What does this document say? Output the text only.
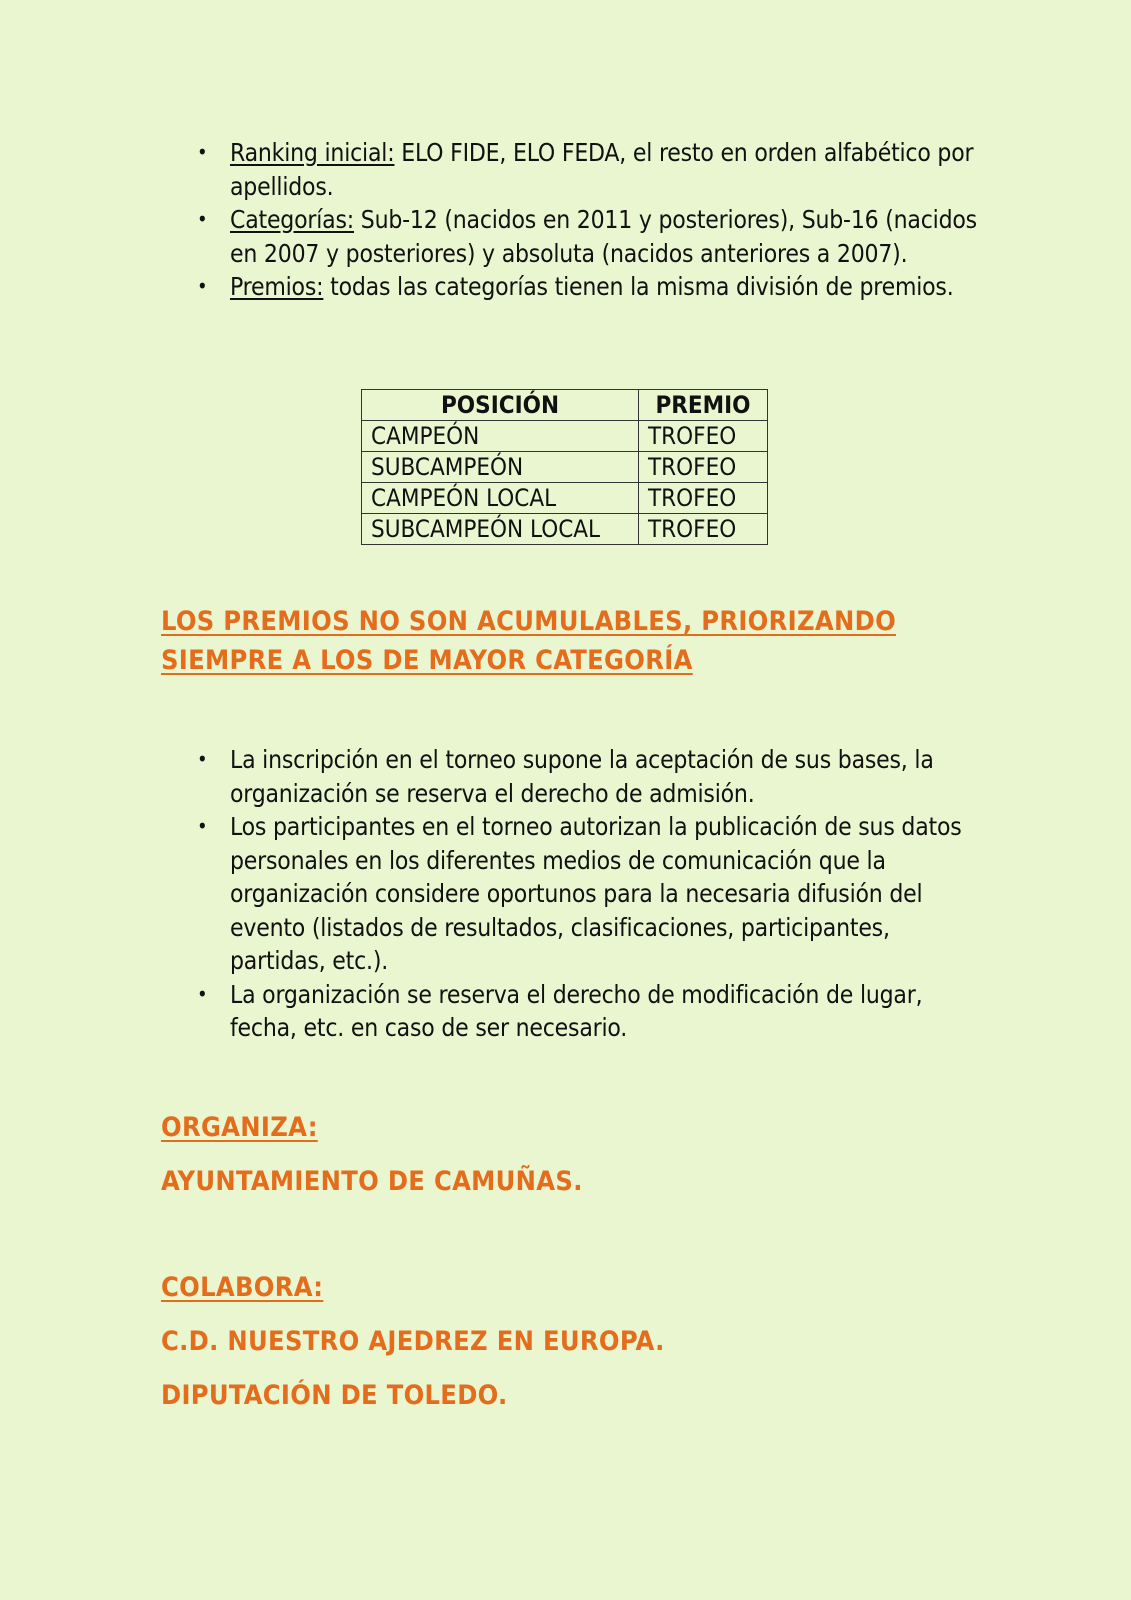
• Ranking inicial: ELO FIDE, ELO FEDA, el resto en orden alfabético por apellidos.
• Categorías: Sub-12 (nacidos en 2011 y posteriores), Sub-16 (nacidos en 2007 y posteriores) y absoluta (nacidos anteriores a 2007).
• Premios: todas las categorías tienen la misma división de premios.
POSICIÓN	PREMIO
CAMPEÓN	TROFEO
SUBCAMPEÓN	TROFEO
CAMPEÓN LOCAL	TROFEO
SUBCAMPEÓN LOCAL	TROFEO
LOS PREMIOS NO SON ACUMULABLES, PRIORIZANDO
SIEMPRE A LOS DE MAYOR CATEGORÍA
• La inscripción en el torneo supone la aceptación de sus bases, la organización se reserva el derecho de admisión.
• Los participantes en el torneo autorizan la publicación de sus datos personales en los diferentes medios de comunicación que la organización considere oportunos para la necesaria difusión del evento (listados de resultados, clasificaciones, participantes, partidas, etc.).
• La organización se reserva el derecho de modificación de lugar, fecha, etc. en caso de ser necesario.
ORGANIZA:
AYUNTAMIENTO DE CAMUÑAS.
COLABORA:
C.D. NUESTRO AJEDREZ EN EUROPA.
DIPUTACIÓN DE TOLEDO.
